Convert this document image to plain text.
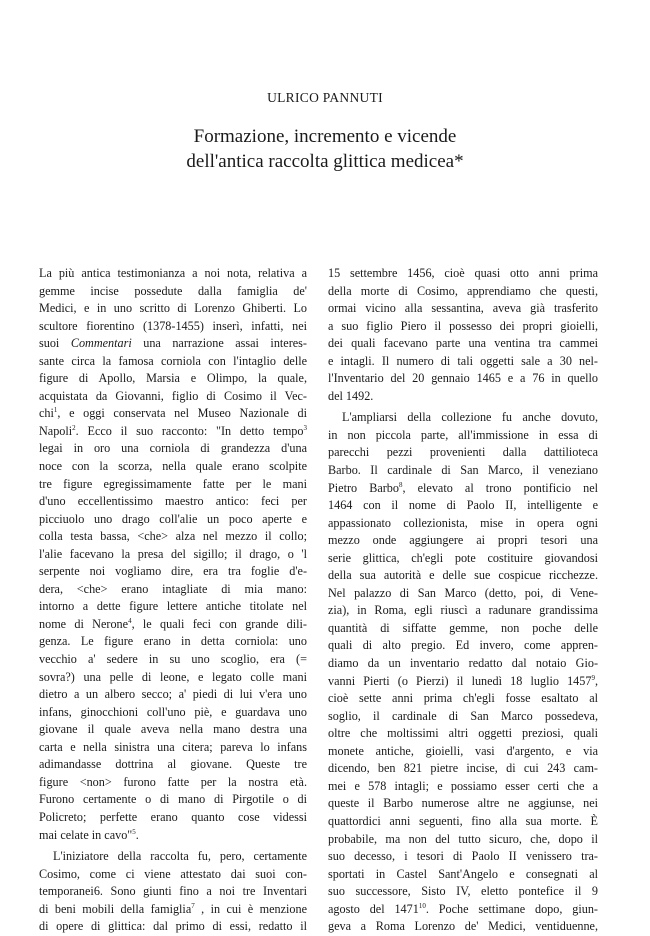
ULRICO PANNUTI
Formazione, incremento e vicende
dell'antica raccolta glittica medicea*
La più antica testimonianza a noi nota, relativa a
gemme incise possedute dalla famiglia de'
Medici, e in uno scritto di Lorenzo Ghiberti. Lo
scultore fiorentino (1378-1455) inserì, infatti, nei
suoi Commentari una narrazione assai interes-
sante circa la famosa corniola con l'intaglio delle
figure di Apollo, Marsia e Olimpo, la quale,
acquistata da Giovanni, figlio di Cosimo il Vec-
chi$^1$, e oggi conservata nel Museo Nazionale di
Napoli$^2$. Ecco il suo racconto: "In detto tempo$^3$
legai in oro una corniola di grandezza d'una
noce con la scorza, nella quale erano scolpite
tre figure egregissimamente fatte per le mani
d'uno eccellentissimo maestro antico: feci per
picciuolo uno drago coll'alie un poco aperte e
colla testa bassa, <che> alza nel mezzo il collo;
l'alie facevano la presa del sigillo; il drago, o 'l
serpente noi vogliamo dire, era tra foglie d'e-
dera, <che> erano intagliate di mia mano:
intorno a dette figure lettere antiche titolate nel
nome di Nerone$^4$, le quali feci con grande dili-
genza. Le figure erano in detta corniola: uno
vecchio a' sedere in su uno scoglio, era (=
sovra?) una pelle di leone, e legato colle mani
dietro a un albero secco; a' piedi di lui v'era uno
infans, ginocchioni coll'uno piè, e guardava uno
giovane il quale aveva nella mano destra una
carta e nella sinistra una citera; pareva lo infans
adimandasse dottrina al giovane. Queste tre
figure <non> furono fatte per la nostra età.
Furono certamente o di mano di Pirgotile o di
Policreto; perfette erano quanto cose videssi
mai celate in cavo"$^5$.
L'iniziatore della raccolta fu, pero, certamente
Cosimo, come ci viene attestato dai suoi con-
temporanei6. Sono giunti fino a noi tre Inventari
di beni mobili della famiglia$^7$ , in cui è menzione
di opere di glittica: dal primo di essi, redatto il
15 settembre 1456, cioè quasi otto anni prima
della morte di Cosimo, apprendiamo che questi,
ormai vicino alla sessantina, aveva già trasferito
a suo figlio Piero il possesso dei propri gioielli,
dei quali facevano parte una ventina tra cammei
e intagli. Il numero di tali oggetti sale a 30 nel-
l'Inventario del 20 gennaio 1465 e a 76 in quello
del 1492.
L'ampliarsi della collezione fu anche dovuto,
in non piccola parte, all'immissione in essa di
parecchi pezzi provenienti dalla dattilioteca
Barbo. Il cardinale di San Marco, il veneziano
Pietro Barbo$^8$, elevato al trono pontificio nel
1464 con il nome di Paolo II, intelligente e
appassionato collezionista, mise in opera ogni
mezzo onde aggiungere ai propri tesori una
serie glittica, ch'egli pote costituire giovandosi
della sua autorità e delle sue cospicue ricchezze.
Nel palazzo di San Marco (detto, poi, di Vene-
zia), in Roma, egli riuscì a radunare grandissima
quantità di siffatte gemme, non poche delle
quali di alto pregio. Ed invero, come appren-
diamo da un inventario redatto dal notaio Gio-
vanni Pierti (o Pierzi) il lunedì 18 luglio 1457$^9$,
cioè sette anni prima ch'egli fosse esaltato al
soglio, il cardinale di San Marco possedeva,
oltre che moltissimi altri oggetti preziosi, quali
monete antiche, gioielli, vasi d'argento, e via
dicendo, ben 821 pietre incise, di cui 243 cam-
mei e 578 intagli; e possiamo esser certi che a
queste il Barbo numerose altre ne aggiunse, nei
quattordici anni seguenti, fino alla sua morte. È
probabile, ma non del tutto sicuro, che, dopo il
suo decesso, i tesori di Paolo II venissero tra-
sportati in Castel Sant'Angelo e consegnati al
suo successore, Sisto IV, eletto pontefice il 9
agosto del 1471$^{10}$. Poche settimane dopo, giun-
geva a Roma Lorenzo de' Medici, ventiduenne,
